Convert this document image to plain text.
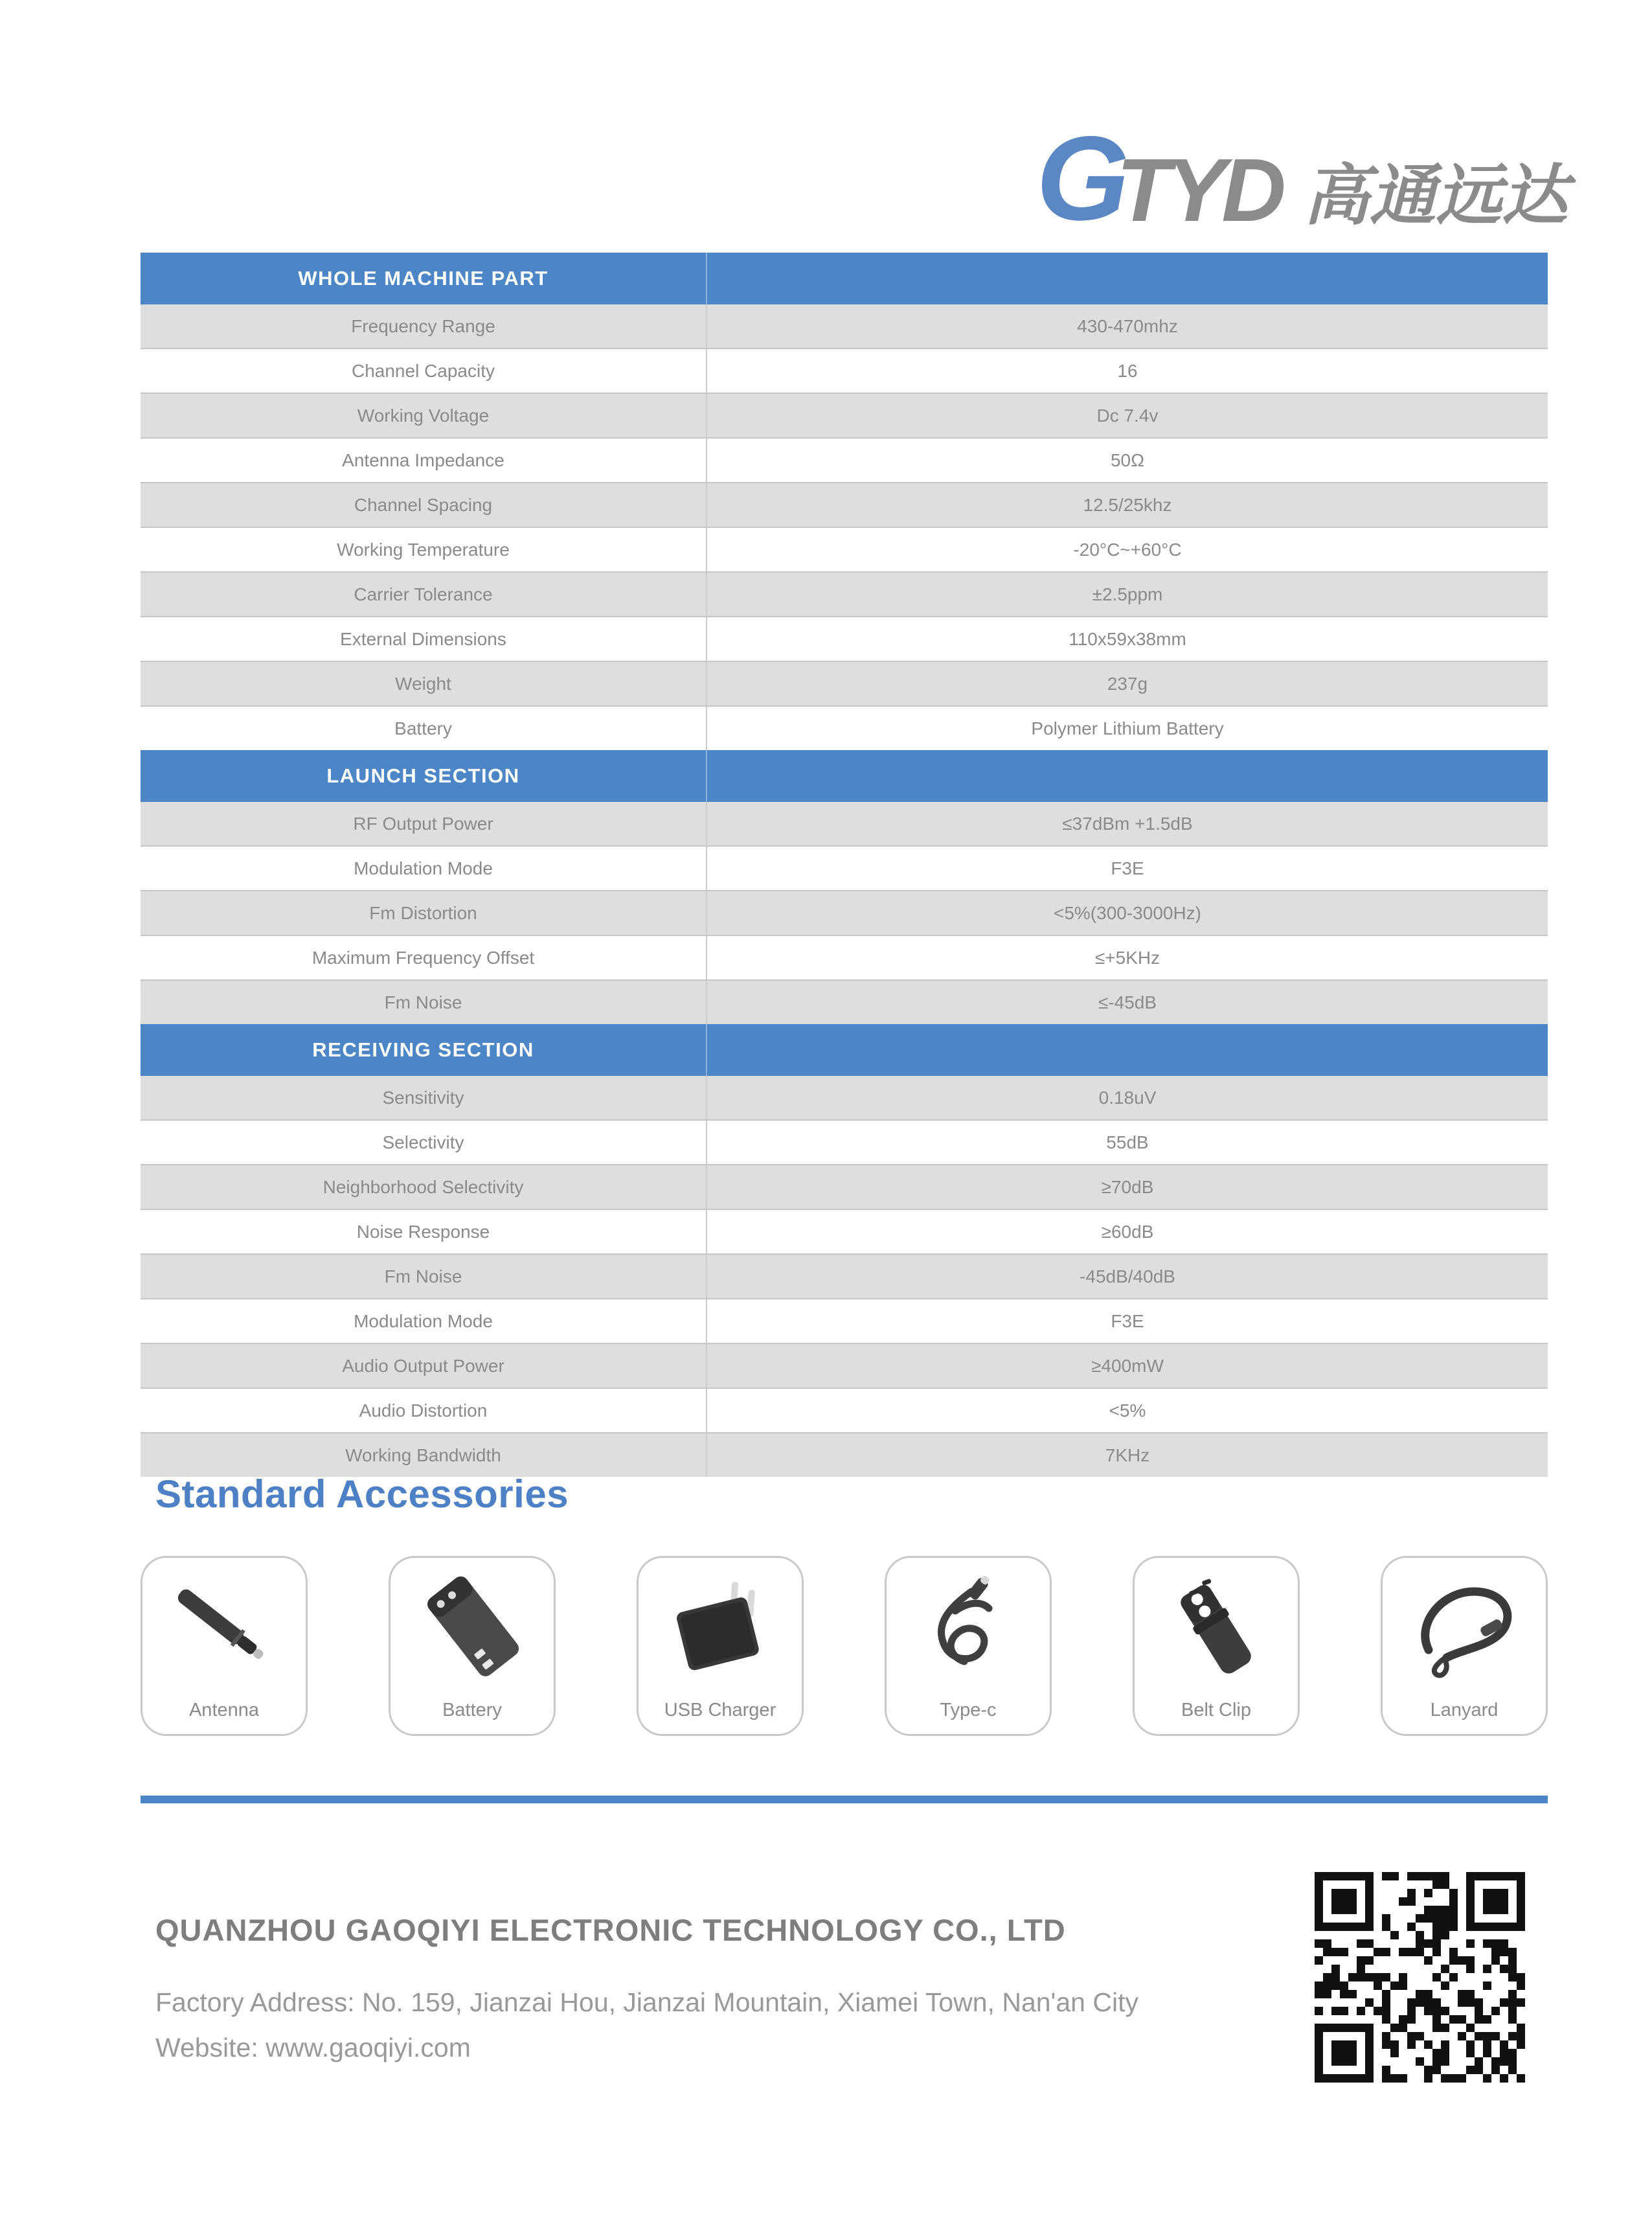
G
TYD 高通远达
WHOLE MACHINE PART
Frequency Range	430-470mhz
Channel Capacity	16
Working Voltage	Dc 7.4v
Antenna Impedance	50Ω
Channel Spacing	12.5/25khz
Working Temperature	-20°C~+60°C
Carrier Tolerance	±2.5ppm
External Dimensions	110x59x38mm
Weight	237g
Battery	Polymer Lithium Battery
LAUNCH SECTION
RF Output Power	≤37dBm +1.5dB
Modulation Mode	F3E
Fm Distortion	<5%(300-3000Hz)
Maximum Frequency Offset	≤+5KHz
Fm Noise	≤-45dB
RECEIVING SECTION
Sensitivity	0.18uV
Selectivity	55dB
Neighborhood Selectivity	≥70dB
Noise Response	≥60dB
Fm Noise	-45dB/40dB
Modulation Mode	F3E
Audio Output Power	≥400mW
Audio Distortion	<5%
Working Bandwidth	7KHz
Standard Accessories
Antenna	Battery	USB Charger	Type-c	Belt Clip	Lanyard
QUANZHOU GAOQIYI ELECTRONIC TECHNOLOGY CO., LTD

Factory Address: No. 159, Jianzai Hou, Jianzai Mountain, Xiamei Town, Nan'an City

Website: www.gaoqiyi.com
